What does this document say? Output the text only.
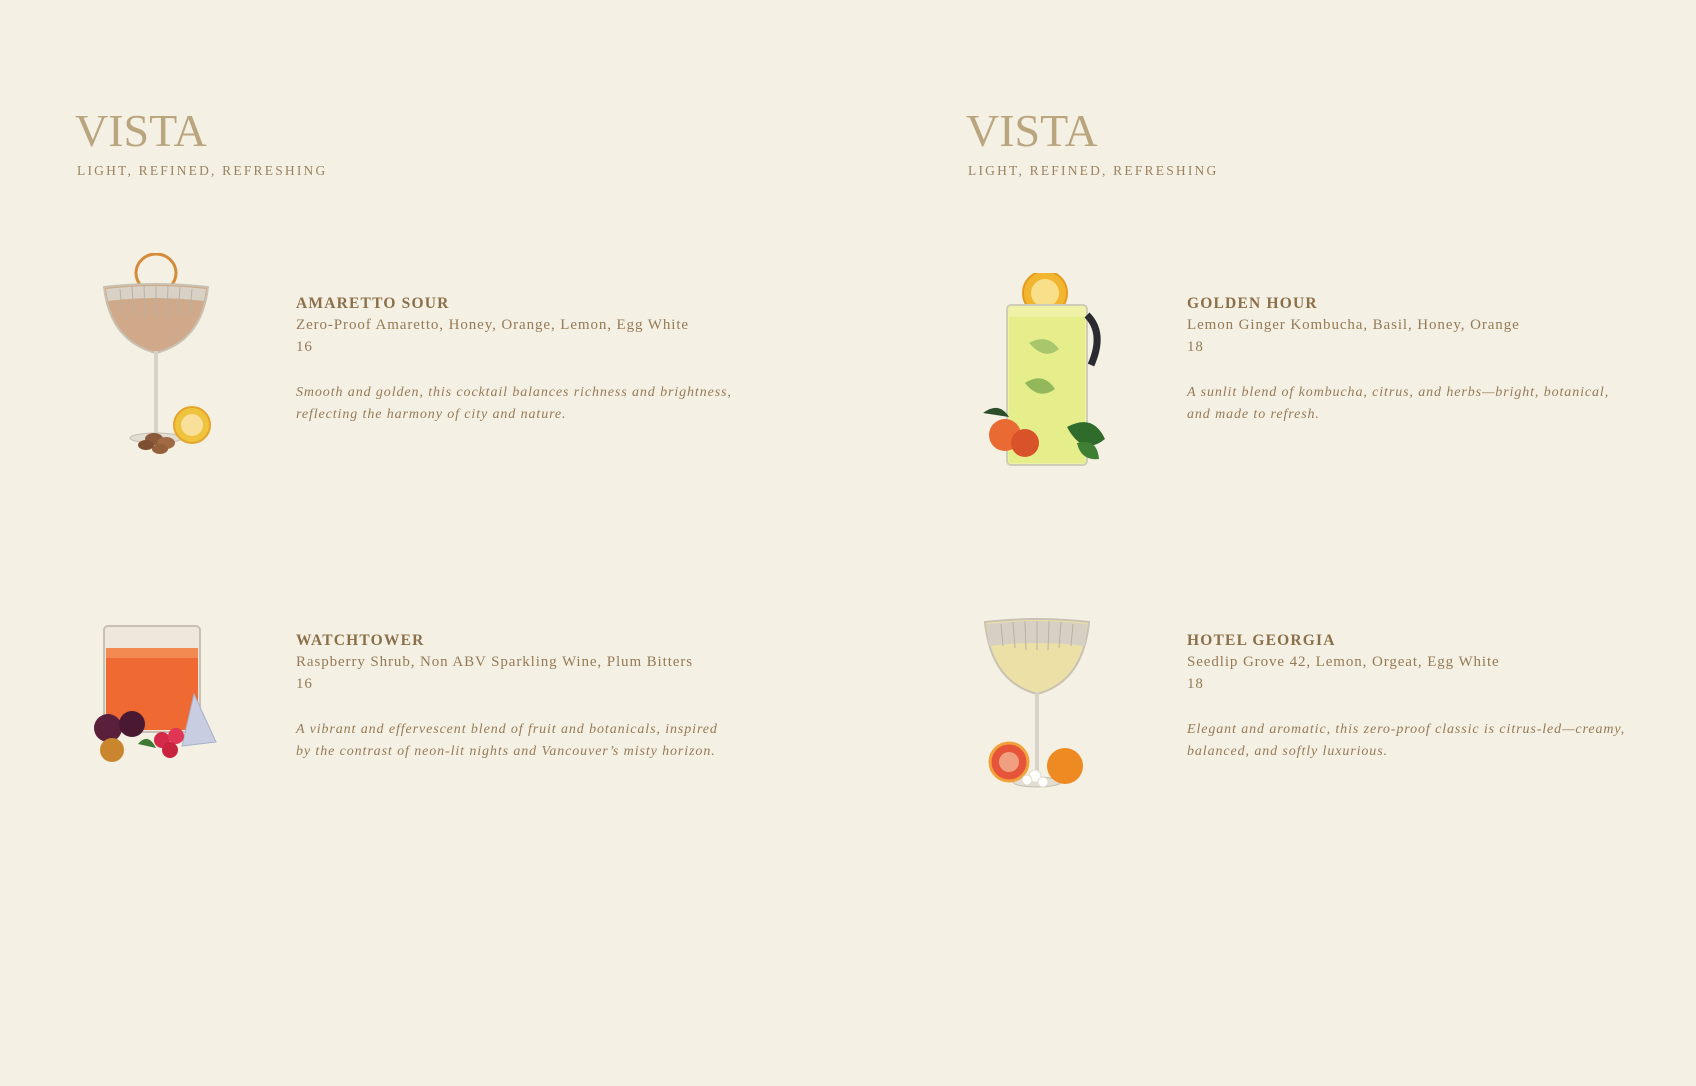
VISTA
LIGHT, REFINED, REFRESHING
AMARETTO SOUR
Zero-Proof Amaretto, Honey, Orange, Lemon, Egg White
16
Smooth and golden, this cocktail balances richness and brightness, reflecting the harmony of city and nature.
WATCHTOWER
Raspberry Shrub, Non ABV Sparkling Wine, Plum Bitters
16
A vibrant and effervescent blend of fruit and botanicals, inspired by the contrast of neon-lit nights and Vancouver’s misty horizon.
VISTA
LIGHT, REFINED, REFRESHING
GOLDEN HOUR
Lemon Ginger Kombucha, Basil, Honey, Orange
18
A sunlit blend of kombucha, citrus, and herbs—bright, botanical, and made to refresh.
HOTEL GEORGIA
Seedlip Grove 42, Lemon, Orgeat, Egg White
18
Elegant and aromatic, this zero-proof classic is citrus-led—creamy, balanced, and softly luxurious.
